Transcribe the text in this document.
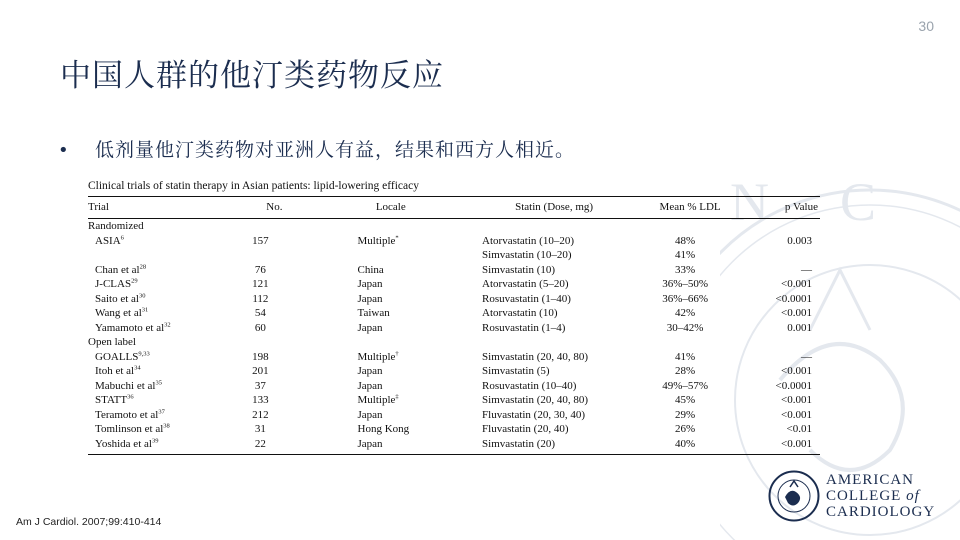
30
中国人群的他汀类药物反应
•	低剂量他汀类药物对亚洲人有益，结果和西方人相近。
N C
Clinical trials of statin therapy in Asian patients: lipid-lowering efficacy
Trial	No.	Locale	Statin (Dose, mg)	Mean % LDL	p Value
Randomized					
ASIA$^6$	157	Multiple*	Atorvastatin (10–20)	48%	0.003
			Simvastatin (10–20)	41%	
Chan et $al^{28}$	76	China	Simvastatin (10)	33%	—
J-CLAS$^{29}$	121	Japan	Atorvastatin (5–20)	36%–50%	<0.001
Saito et $al^{30}$	112	Japan	Rosuvastatin (1–40)	36%–66%	<0.0001
Wang et $al^{31}$	54	Taiwan	Atorvastatin (10)	42%	<0.001
Yamamoto et $al^{32}$	60	Japan	Rosuvastatin (1–4)	30–42%	0.001
Open label					
GOALLS$^{9,33}$	198	Multiple†	Simvastatin (20, 40, 80)	41%	—
Itoh et $al^{34}$	201	Japan	Simvastatin (5)	28%	<0.001
Mabuchi et $al^{35}$	37	Japan	Rosuvastatin (10–40)	49%–57%	<0.0001
STATT$^{36}$	133	Multiple‡	Simvastatin (20, 40, 80)	45%	<0.001
Teramoto et $al^{37}$	212	Japan	Fluvastatin (20, 30, 40)	29%	<0.001
Tomlinson et $al^{38}$	31	Hong Kong	Fluvastatin (20, 40)	26%	<0.01
Yoshida et $al^{39}$	22	Japan	Simvastatin (20)	40%	<0.001
Am J Cardiol. 2007;99:410-414
AMERICAN
COLLEGE of
CARDIOLOGY
